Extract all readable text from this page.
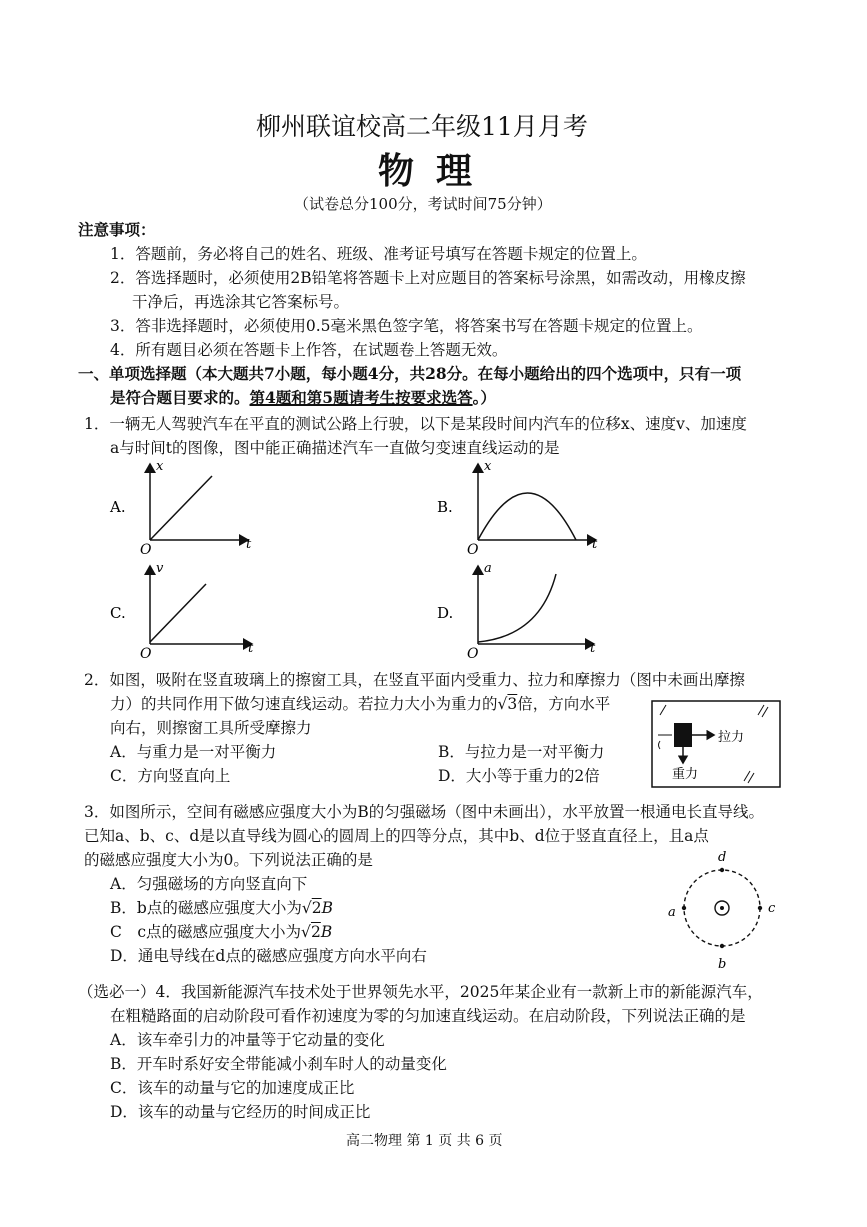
柳州联谊校高二年级11月月考
物理
（试卷总分100分，考试时间75分钟）
注意事项：
1．答题前，务必将自己的姓名、班级、准考证号填写在答题卡规定的位置上。
2．答选择题时，必须使用2B铅笔将答题卡上对应题目的答案标号涂黑，如需改动，用橡皮擦
干净后，再选涂其它答案标号。
3．答非选择题时，必须使用0.5毫米黑色签字笔，将答案书写在答题卡规定的位置上。
4．所有题目必须在答题卡上作答，在试题卷上答题无效。
一、单项选择题（本大题共7小题，每小题4分，共28分。在每小题给出的四个选项中，只有一项
是符合题目要求的。第4题和第5题请考生按要求选答。）
1．一辆无人驾驶汽车在平直的测试公路上行驶，以下是某段时间内汽车的位移x、速度v、加速度
a与时间t的图像，图中能正确描述汽车一直做匀变速直线运动的是
A.
x
t
O
B.
x
t
O
C.
v
t
O
D.
a
t
O
2．如图，吸附在竖直玻璃上的擦窗工具，在竖直平面内受重力、拉力和摩擦力（图中未画出摩擦
力）的共同作用下做匀速直线运动。若拉力大小为重力的√3倍，方向水平
向右，则擦窗工具所受摩擦力
A．与重力是一对平衡力	B．与拉力是一对平衡力
C．方向竖直向上	D．大小等于重力的2倍
拉力
重力
3．如图所示，空间有磁感应强度大小为B的匀强磁场（图中未画出），水平放置一根通电长直导线。
已知a、b、c、d是以直导线为圆心的圆周上的四等分点，其中b、d位于竖直直径上，且a点
的磁感应强度大小为0。下列说法正确的是
A．匀强磁场的方向竖直向下
B．b点的磁感应强度大小为√2B
C　c点的磁感应强度大小为√2B
D．通电导线在d点的磁感应强度方向水平向右
a	c
d
b
（选必一）4．我国新能源汽车技术处于世界领先水平，2025年某企业有一款新上市的新能源汽车，
在粗糙路面的启动阶段可看作初速度为零的匀加速直线运动。在启动阶段，下列说法正确的是
A．该车牵引力的冲量等于它动量的变化
B．开车时系好安全带能减小刹车时人的动量变化
C．该车的动量与它的加速度成正比
D．该车的动量与它经历的时间成正比
高二物理 第 1 页 共 6 页
